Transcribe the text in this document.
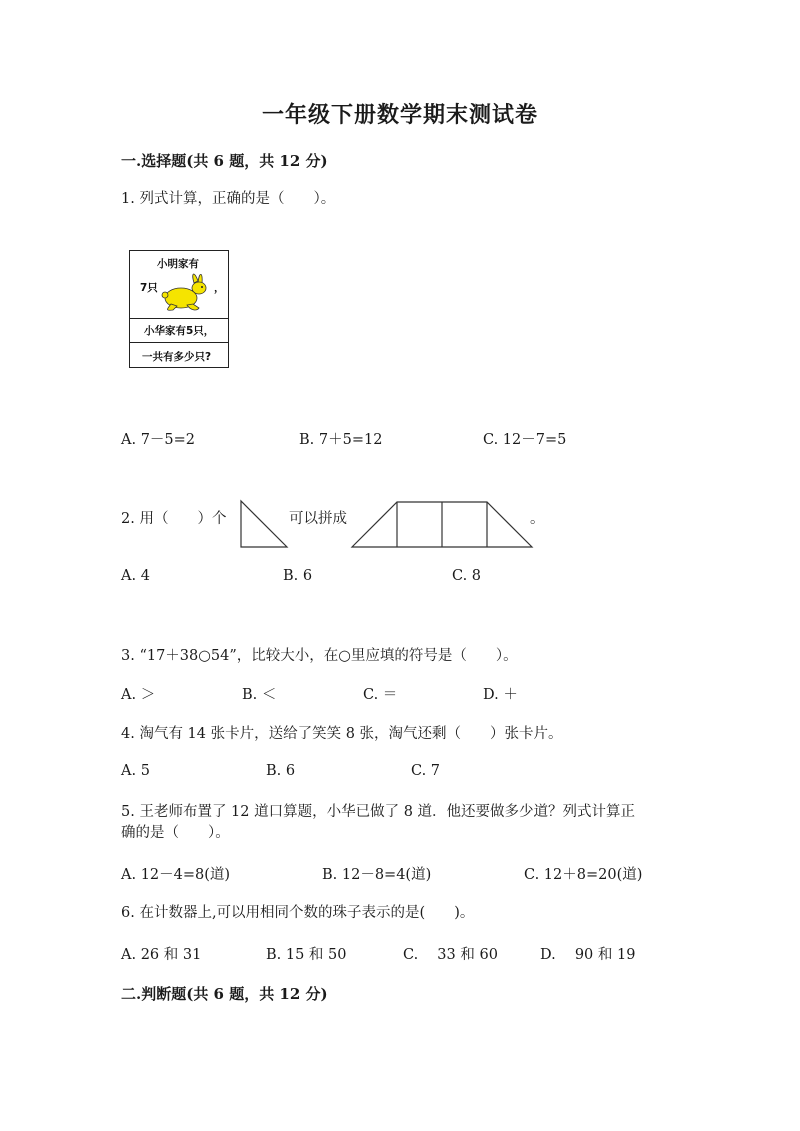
一年级下册数学期末测试卷
一.选择题(共 6 题，共 12 分)
1. 列式计算，正确的是（　　）。
小明家有
7只	，
小华家有5只，
一共有多少只?
A. 7－5=2	B. 7＋5=12	C. 12－7=5
2. 用（　　）个	可以拼成	。
A. 4	B. 6	C. 8
3. “17＋38○54”，比较大小，在○里应填的符号是（　　）。
A. ＞	B. ＜	C. ＝	D. ＋
4. 淘气有 14 张卡片，送给了笑笑 8 张，淘气还剩（　　）张卡片。
A. 5	B. 6	C. 7
5. 王老师布置了 12 道口算题，小华已做了 8 道．他还要做多少道？列式计算正
确的是（　　）。
A. 12－4=8(道)	B. 12－8=4(道)	C. 12＋8=20(道)
6. 在计数器上,可以用相同个数的珠子表示的是(　　)。
A. 26 和 31	B. 15 和 50	C.　 33 和 60	D.　 90 和 19
二.判断题(共 6 题，共 12 分)
